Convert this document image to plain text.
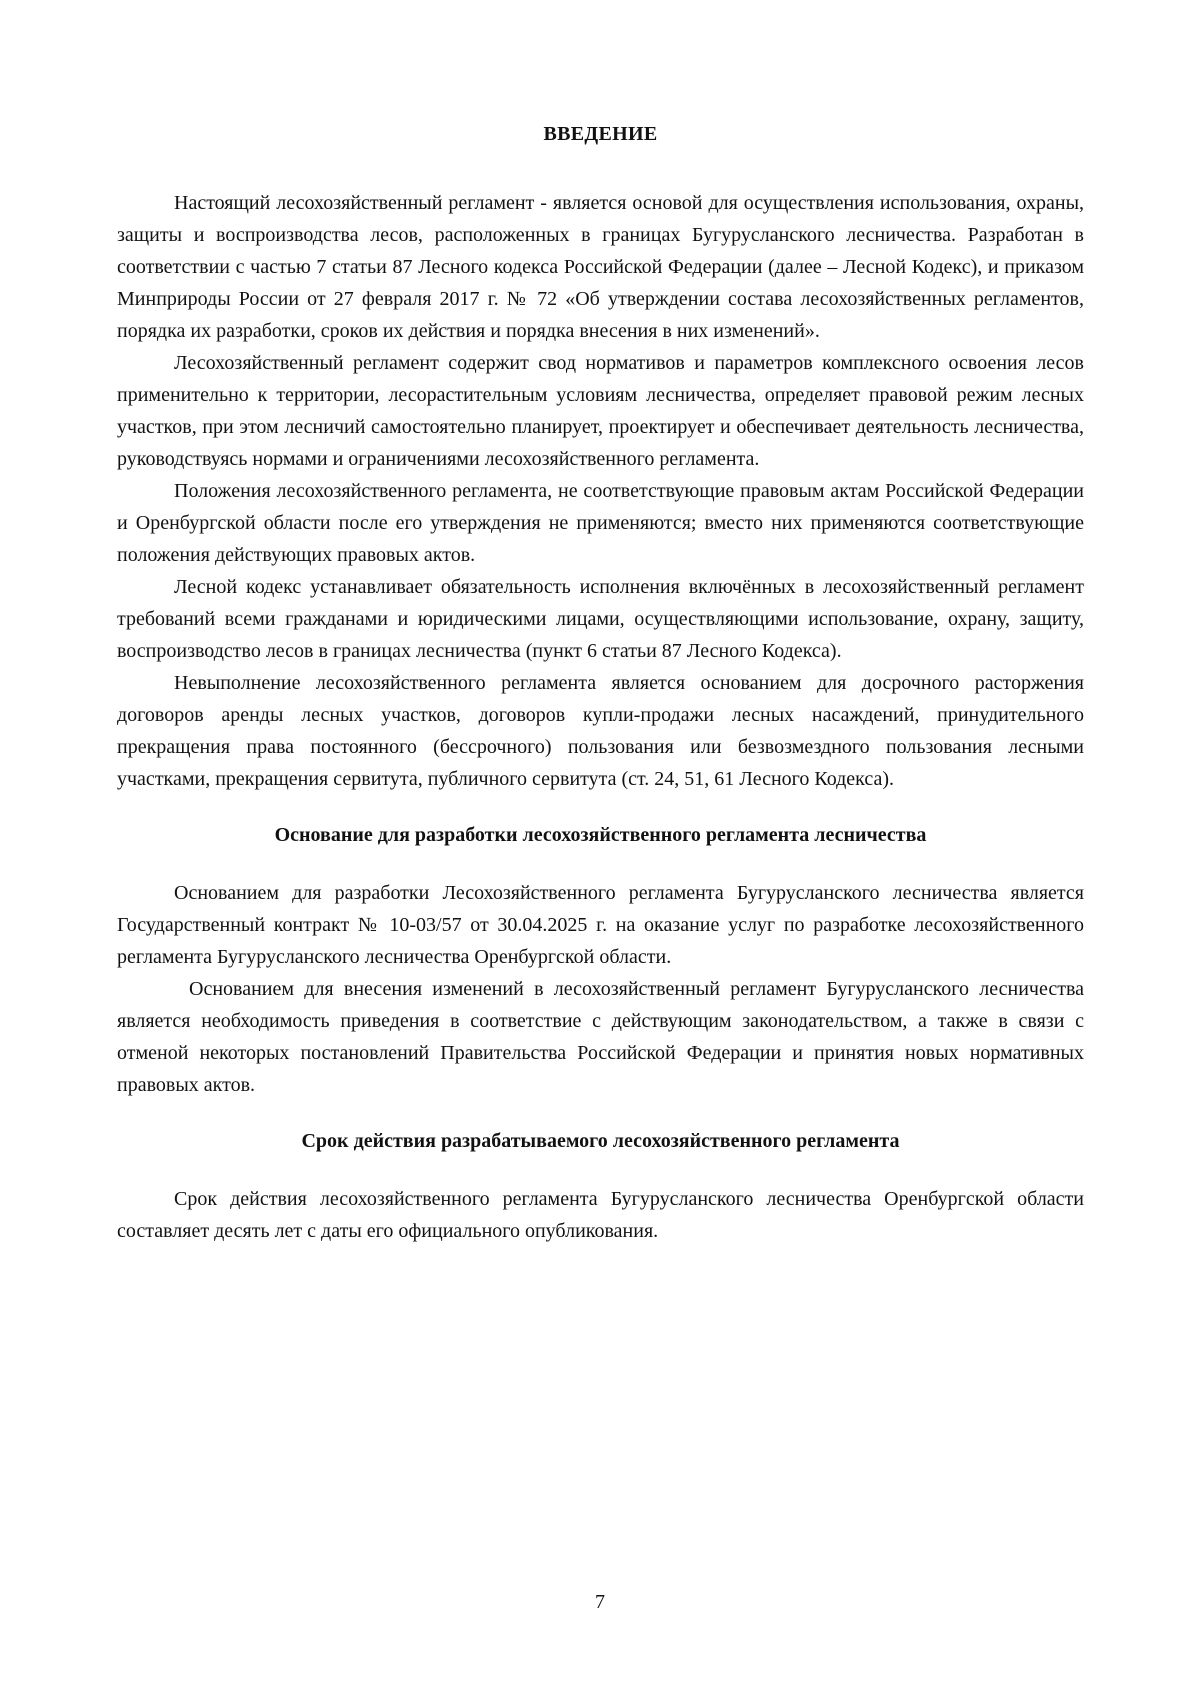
ВВЕДЕНИЕ

Настоящий лесохозяйственный регламент - является основой для осуществления использования, охраны, защиты и воспроизводства лесов, расположенных в границах Бугурусланского лесничества. Разработан в соответствии с частью 7 статьи 87 Лесного кодекса Российской Федерации (далее – Лесной Кодекс), и приказом Минприроды России от 27 февраля 2017 г. № 72 «Об утверждении состава лесохозяйственных регламентов, порядка их разработки, сроков их действия и порядка внесения в них изменений».

Лесохозяйственный регламент содержит свод нормативов и параметров комплексного освоения лесов применительно к территории, лесорастительным условиям лесничества, определяет правовой режим лесных участков, при этом лесничий самостоятельно планирует, проектирует и обеспечивает деятельность лесничества, руководствуясь нормами и ограничениями лесохозяйственного регламента.

Положения лесохозяйственного регламента, не соответствующие правовым актам Российской Федерации и Оренбургской области после его утверждения не применяются; вместо них применяются соответствующие положения действующих правовых актов.

Лесной кодекс устанавливает обязательность исполнения включённых в лесохозяйственный регламент требований всеми гражданами и юридическими лицами, осуществляющими использование, охрану, защиту, воспроизводство лесов в границах лесничества (пункт 6 статьи 87 Лесного Кодекса).

Невыполнение лесохозяйственного регламента является основанием для досрочного расторжения договоров аренды лесных участков, договоров купли-продажи лесных насаждений, принудительного прекращения права постоянного (бессрочного) пользования или безвозмездного пользования лесными участками, прекращения сервитута, публичного сервитута (ст. 24, 51, 61 Лесного Кодекса).

Основание для разработки лесохозяйственного регламента лесничества

Основанием для разработки Лесохозяйственного регламента Бугурусланского лесничества является Государственный контракт № 10-03/57 от 30.04.2025 г. на оказание услуг по разработке лесохозяйственного регламента Бугурусланского лесничества Оренбургской области.

Основанием для внесения изменений в лесохозяйственный регламент Бугурусланского лесничества является необходимость приведения в соответствие с действующим законодательством, а также в связи с отменой некоторых постановлений Правительства Российской Федерации и принятия новых нормативных правовых актов.

Срок действия разрабатываемого лесохозяйственного регламента

Срок действия лесохозяйственного регламента Бугурусланского лесничества Оренбургской области составляет десять лет с даты его официального опубликования.

7
